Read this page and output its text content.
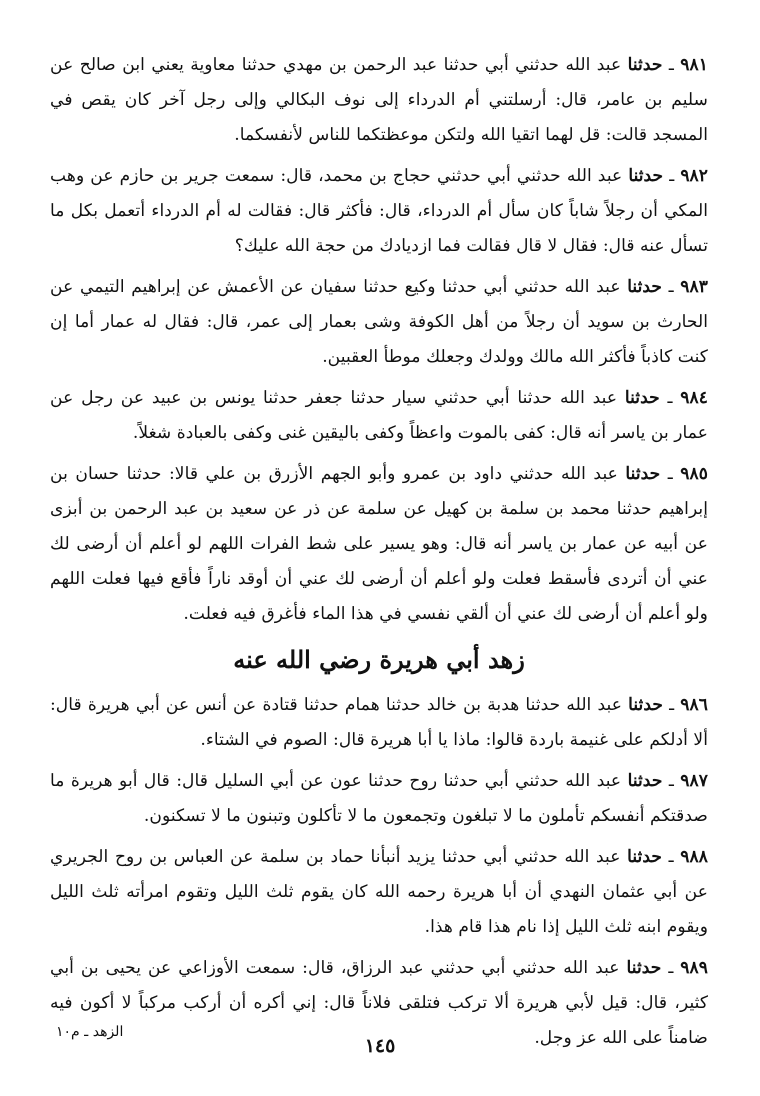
٩٨١ ـ حدثنا عبد الله حدثني أبي حدثنا عبد الرحمن بن مهدي حدثنا معاوية يعني ابن صالح عن سليم بن عامر، قال: أرسلتني أم الدرداء إلى نوف البكالي وإلى رجل آخر كان يقص في المسجد قالت: قل لهما اتقيا الله ولتكن موعظتكما للناس لأنفسكما.

٩٨٢ ـ حدثنا عبد الله حدثني أبي حدثني حجاج بن محمد، قال: سمعت جرير بن حازم عن وهب المكي أن رجلاً شاباً كان سأل أم الدرداء، قال: فأكثر قال: فقالت له أم الدرداء أتعمل بكل ما تسأل عنه قال: فقال لا قال فقالت فما ازديادك من حجة الله عليك؟

٩٨٣ ـ حدثنا عبد الله حدثني أبي حدثنا وكيع حدثنا سفيان عن الأعمش عن إبراهيم التيمي عن الحارث بن سويد أن رجلاً من أهل الكوفة وشى بعمار إلى عمر، قال: فقال له عمار أما إن كنت كاذباً فأكثر الله مالك وولدك وجعلك موطأ العقبين.

٩٨٤ ـ حدثنا عبد الله حدثنا أبي حدثني سيار حدثنا جعفر حدثنا يونس بن عبيد عن رجل عن عمار بن ياسر أنه قال: كفى بالموت واعظاً وكفى باليقين غنى وكفى بالعبادة شغلاً.

٩٨٥ ـ حدثنا عبد الله حدثني داود بن عمرو وأبو الجهم الأزرق بن علي قالا: حدثنا حسان بن إبراهيم حدثنا محمد بن سلمة بن كهيل عن سلمة عن ذر عن سعيد بن عبد الرحمن بن أبزى عن أبيه عن عمار بن ياسر أنه قال: وهو يسير على شط الفرات اللهم لو أعلم أن أرضى لك عني أن أتردى فأسقط فعلت ولو أعلم أن أرضى لك عني أن أوقد ناراً فأقع فيها فعلت اللهم ولو أعلم أن أرضى لك عني أن ألقي نفسي في هذا الماء فأغرق فيه فعلت.

زهد أبي هريرة رضي الله عنه

٩٨٦ ـ حدثنا عبد الله حدثنا هدبة بن خالد حدثنا همام حدثنا قتادة عن أنس عن أبي هريرة قال: ألا أدلكم على غنيمة باردة قالوا: ماذا يا أبا هريرة قال: الصوم في الشتاء.

٩٨٧ ـ حدثنا عبد الله حدثني أبي حدثنا روح حدثنا عون عن أبي السليل قال: قال أبو هريرة ما صدقتكم أنفسكم تأملون ما لا تبلغون وتجمعون ما لا تأكلون وتبنون ما لا تسكنون.

٩٨٨ ـ حدثنا عبد الله حدثني أبي حدثنا يزيد أنبأنا حماد بن سلمة عن العباس بن روح الجريري عن أبي عثمان النهدي أن أبا هريرة رحمه الله كان يقوم ثلث الليل وتقوم امرأته ثلث الليل ويقوم ابنه ثلث الليل إذا نام هذا قام هذا.

٩٨٩ ـ حدثنا عبد الله حدثني أبي حدثني عبد الرزاق، قال: سمعت الأوزاعي عن يحيى بن أبي كثير، قال: قيل لأبي هريرة ألا تركب فتلقى فلاناً قال: إني أكره أن أركب مركباً لا أكون فيه ضامناً على الله عز وجل.

الزهد ـ م١٠
١٤٥
